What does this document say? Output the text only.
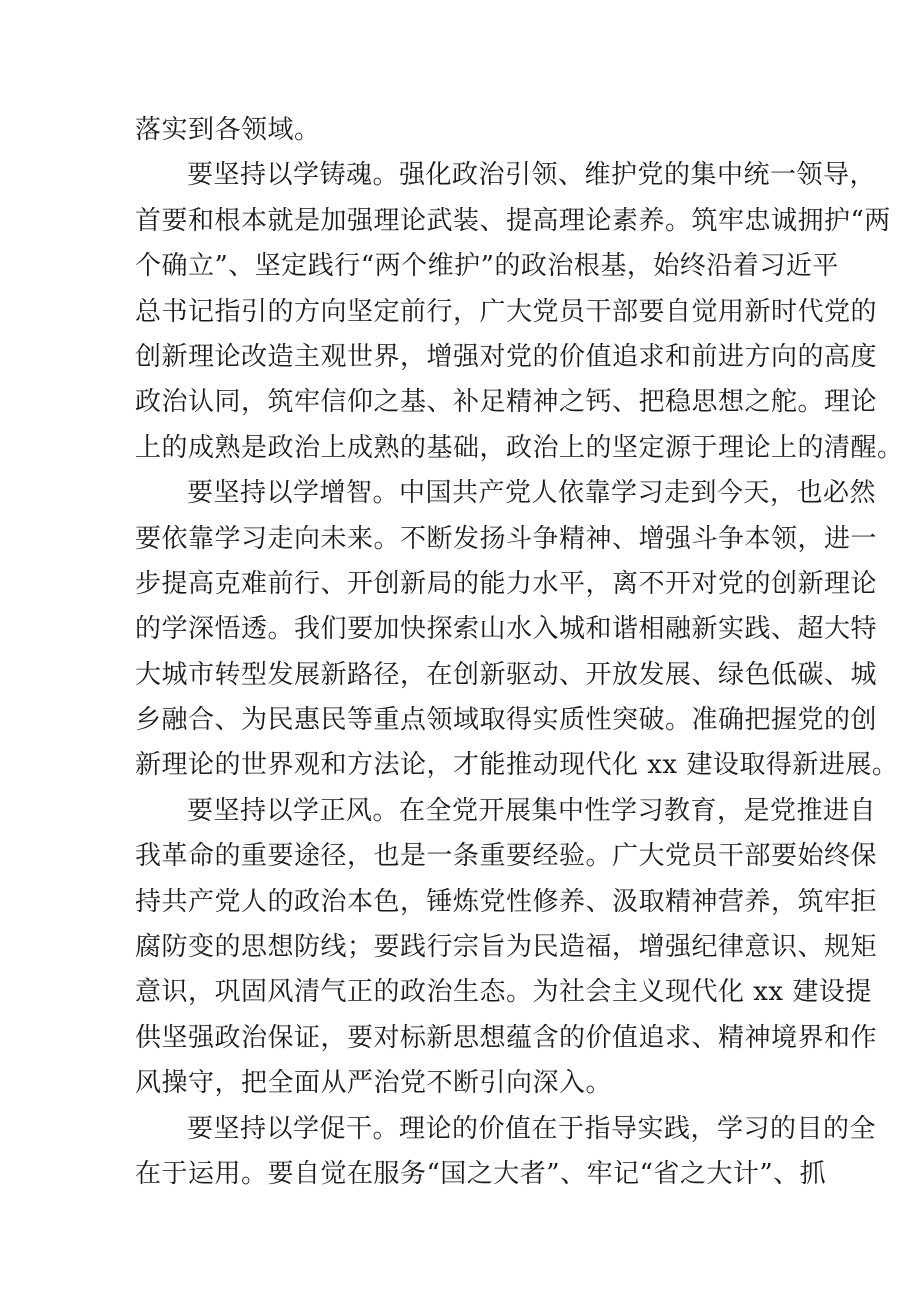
落实到各领域。
要坚持以学铸魂。强化政治引领、维护党的集中统一领导，
首要和根本就是加强理论武装、提高理论素养。筑牢忠诚拥护“两
个确立”、坚定践行“两个维护”的政治根基，始终沿着习近平
总书记指引的方向坚定前行，广大党员干部要自觉用新时代党的
创新理论改造主观世界，增强对党的价值追求和前进方向的高度
政治认同，筑牢信仰之基、补足精神之钙、把稳思想之舵。理论
上的成熟是政治上成熟的基础，政治上的坚定源于理论上的清醒。
要坚持以学增智。中国共产党人依靠学习走到今天，也必然
要依靠学习走向未来。不断发扬斗争精神、增强斗争本领，进一
步提高克难前行、开创新局的能力水平，离不开对党的创新理论
的学深悟透。我们要加快探索山水入城和谐相融新实践、超大特
大城市转型发展新路径，在创新驱动、开放发展、绿色低碳、城
乡融合、为民惠民等重点领域取得实质性突破。准确把握党的创
新理论的世界观和方法论，才能推动现代化 xx 建设取得新进展。
要坚持以学正风。在全党开展集中性学习教育，是党推进自
我革命的重要途径，也是一条重要经验。广大党员干部要始终保
持共产党人的政治本色，锤炼党性修养、汲取精神营养，筑牢拒
腐防变的思想防线；要践行宗旨为民造福，增强纪律意识、规矩
意识，巩固风清气正的政治生态。为社会主义现代化 xx 建设提
供坚强政治保证，要对标新思想蕴含的价值追求、精神境界和作
风操守，把全面从严治党不断引向深入。
要坚持以学促干。理论的价值在于指导实践，学习的目的全
在于运用。要自觉在服务“国之大者”、牢记“省之大计”、抓
